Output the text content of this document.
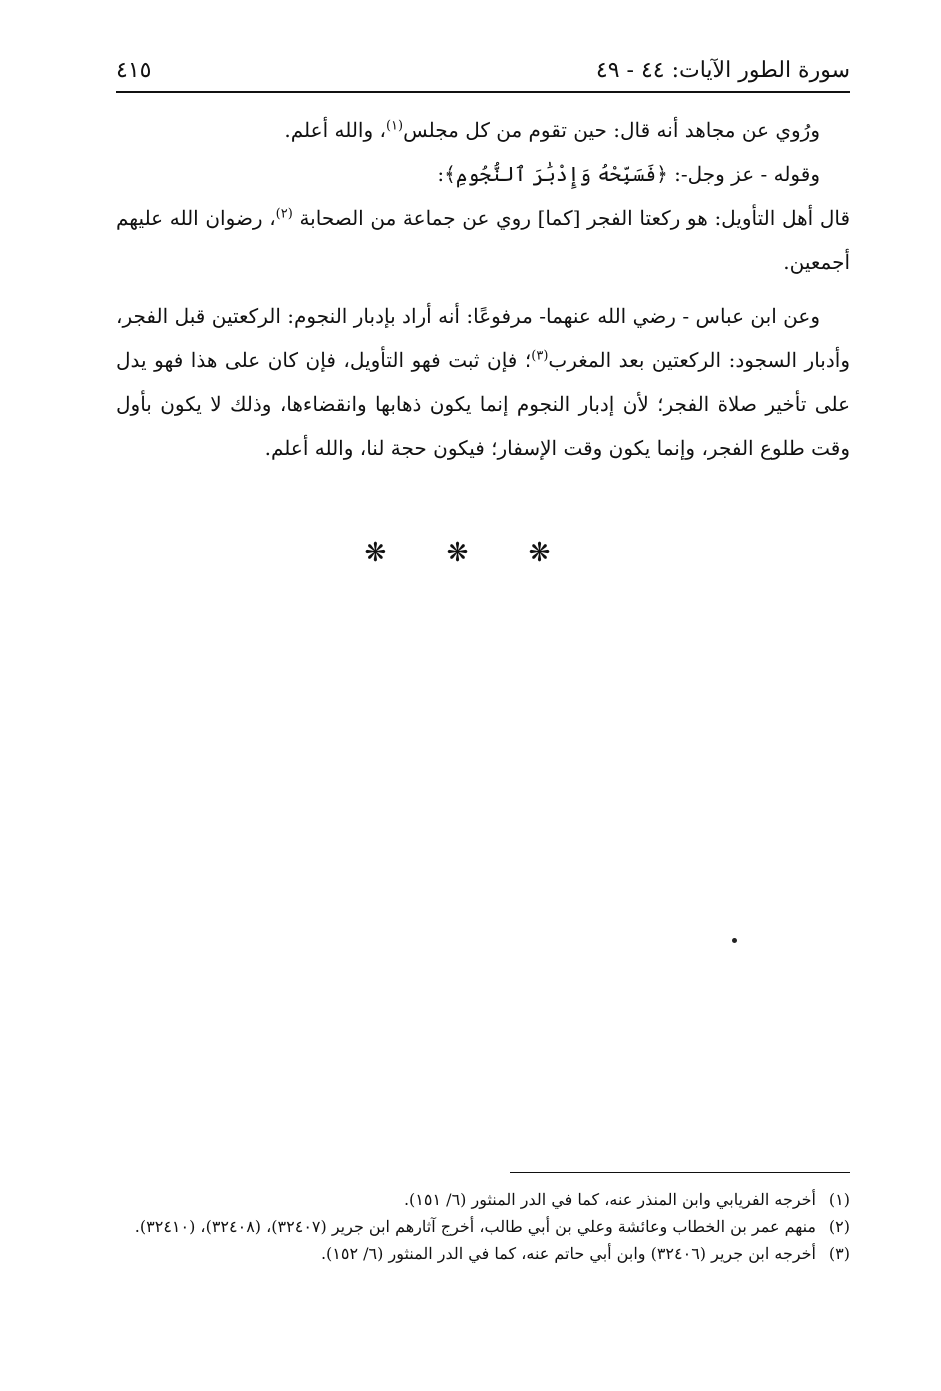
سورة الطور الآيات: ٤٤ - ٤٩
٤١٥

ورُوي عن مجاهد أنه قال: حين تقوم من كل مجلس$^{(١)}$، والله أعلم.

وقوله - عز وجل-: ﴿فَسَبِّحْهُ وَإِدْبَٰرَ ٱلنُّجُومِ﴾:

قال أهل التأويل: هو ركعتا الفجر [كما] روي عن جماعة من الصحابة $^{(٢)}$، رضوان الله عليهم أجمعين.

وعن ابن عباس - رضي الله عنهما- مرفوعًا: أنه أراد بإدبار النجوم: الركعتين قبل الفجر، وأدبار السجود: الركعتين بعد المغرب$^{(٣)}$؛ فإن ثبت فهو التأويل، فإن كان على هذا فهو يدل على تأخير صلاة الفجر؛ لأن إدبار النجوم إنما يكون ذهابها وانقضاءها، وذلك لا يكون بأول وقت طلوع الفجر، وإنما يكون وقت الإسفار؛ فيكون حجة لنا، والله أعلم.

❋ ❋ ❋

(١)
أخرجه الفريابي وابن المنذر عنه، كما في الدر المنثور (٦/ ١٥١).

(٢)
منهم عمر بن الخطاب وعائشة وعلي بن أبي طالب، أخرج آثارهم ابن جرير (٣٢٤٠٧)، (٣٢٤٠٨)، (٣٢٤١٠).

(٣)
أخرجه ابن جرير (٣٢٤٠٦) وابن أبي حاتم عنه، كما في الدر المنثور (٦/ ١٥٢).
